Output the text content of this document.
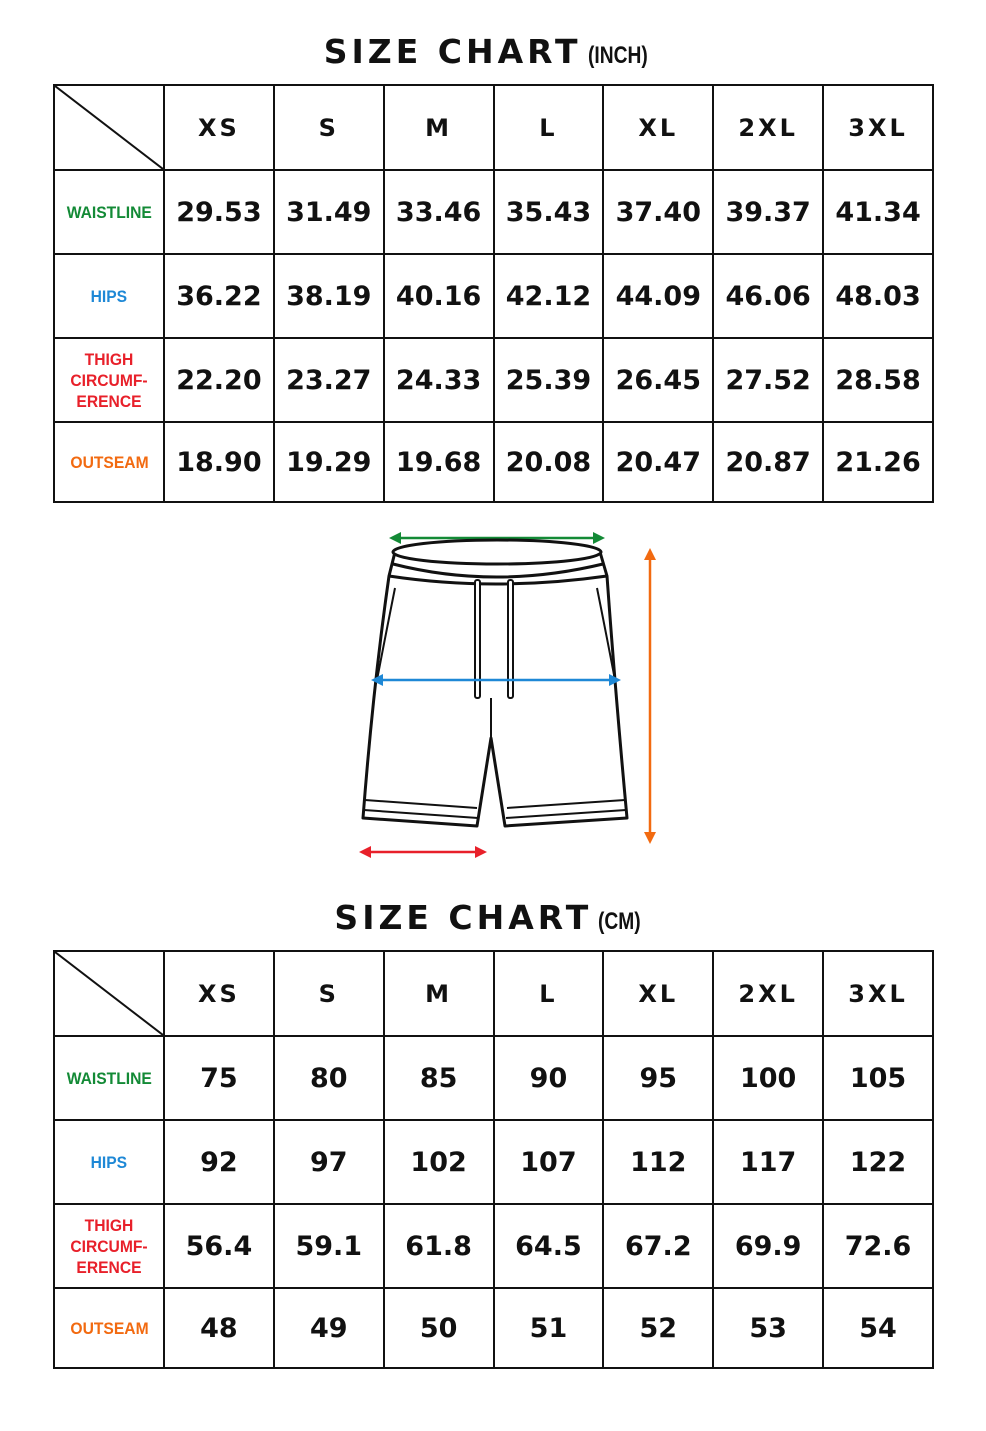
SIZE CHART (INCH)
	XS	S	M	L	XL	2XL	3XL
WAISTLINE	29.53	31.49	33.46	35.43	37.40	39.37	41.34
HIPS	36.22	38.19	40.16	42.12	44.09	46.06	48.03
THIGH CIRCUMF- ERENCE	22.20	23.27	24.33	25.39	26.45	27.52	28.58
OUTSEAM	18.90	19.29	19.68	20.08	20.47	20.87	21.26
SIZE CHART (CM)
	XS	S	M	L	XL	2XL	3XL
WAISTLINE	75	80	85	90	95	100	105
HIPS	92	97	102	107	112	117	122
THIGH CIRCUMF- ERENCE	56.4	59.1	61.8	64.5	67.2	69.9	72.6
OUTSEAM	48	49	50	51	52	53	54
